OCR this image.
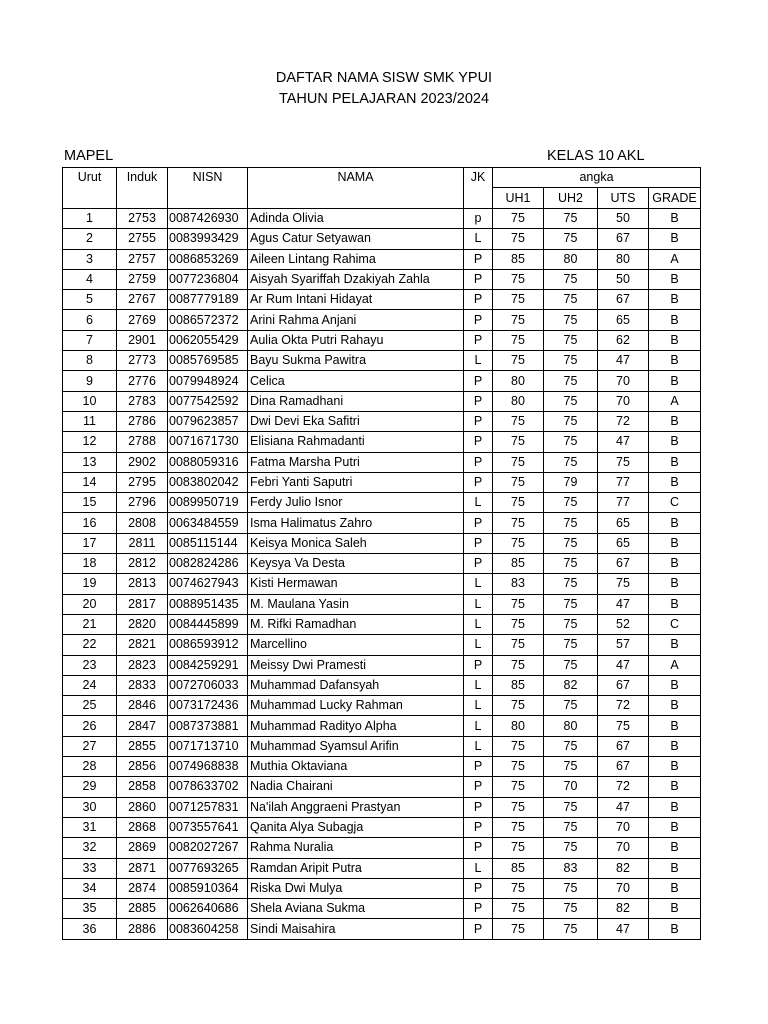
DAFTAR NAMA SISW SMK YPUI
TAHUN PELAJARAN 2023/2024
MAPEL	KELAS 10 AKL
Urut	Induk	NISN	NAMA	JK	angka			
					UH1	UH2	UTS	GRADE
1	2753	0087426930	Adinda Olivia	p	75	75	50	B
2	2755	0083993429	Agus Catur Setyawan	L	75	75	67	B
3	2757	0086853269	Aileen Lintang Rahima	P	85	80	80	A
4	2759	0077236804	Aisyah Syariffah Dzakiyah Zahla	P	75	75	50	B
5	2767	0087779189	Ar Rum Intani Hidayat	P	75	75	67	B
6	2769	0086572372	Arini Rahma Anjani	P	75	75	65	B
7	2901	0062055429	Aulia Okta Putri Rahayu	P	75	75	62	B
8	2773	0085769585	Bayu Sukma Pawitra	L	75	75	47	B
9	2776	0079948924	Celica	P	80	75	70	B
10	2783	0077542592	Dina Ramadhani	P	80	75	70	A
11	2786	0079623857	Dwi Devi Eka Safitri	P	75	75	72	B
12	2788	0071671730	Elisiana Rahmadanti	P	75	75	47	B
13	2902	0088059316	Fatma Marsha Putri	P	75	75	75	B
14	2795	0083802042	Febri Yanti Saputri	P	75	79	77	B
15	2796	0089950719	Ferdy Julio Isnor	L	75	75	77	C
16	2808	0063484559	Isma Halimatus Zahro	P	75	75	65	B
17	2811	0085115144	Keisya Monica Saleh	P	75	75	65	B
18	2812	0082824286	Keysya Va Desta	P	85	75	67	B
19	2813	0074627943	Kisti Hermawan	L	83	75	75	B
20	2817	0088951435	M. Maulana Yasin	L	75	75	47	B
21	2820	0084445899	M. Rifki Ramadhan	L	75	75	52	C
22	2821	0086593912	Marcellino	L	75	75	57	B
23	2823	0084259291	Meissy Dwi Pramesti	P	75	75	47	A
24	2833	0072706033	Muhammad Dafansyah	L	85	82	67	B
25	2846	0073172436	Muhammad Lucky Rahman	L	75	75	72	B
26	2847	0087373881	Muhammad Radityo Alpha	L	80	80	75	B
27	2855	0071713710	Muhammad Syamsul Arifin	L	75	75	67	B
28	2856	0074968838	Muthia Oktaviana	P	75	75	67	B
29	2858	0078633702	Nadia Chairani	P	75	70	72	B
30	2860	0071257831	Na'ilah Anggraeni Prastyan	P	75	75	47	B
31	2868	0073557641	Qanita Alya Subagja	P	75	75	70	B
32	2869	0082027267	Rahma Nuralia	P	75	75	70	B
33	2871	0077693265	Ramdan Aripit Putra	L	85	83	82	B
34	2874	0085910364	Riska Dwi Mulya	P	75	75	70	B
35	2885	0062640686	Shela Aviana Sukma	P	75	75	82	B
36	2886	0083604258	Sindi Maisahira	P	75	75	47	B
